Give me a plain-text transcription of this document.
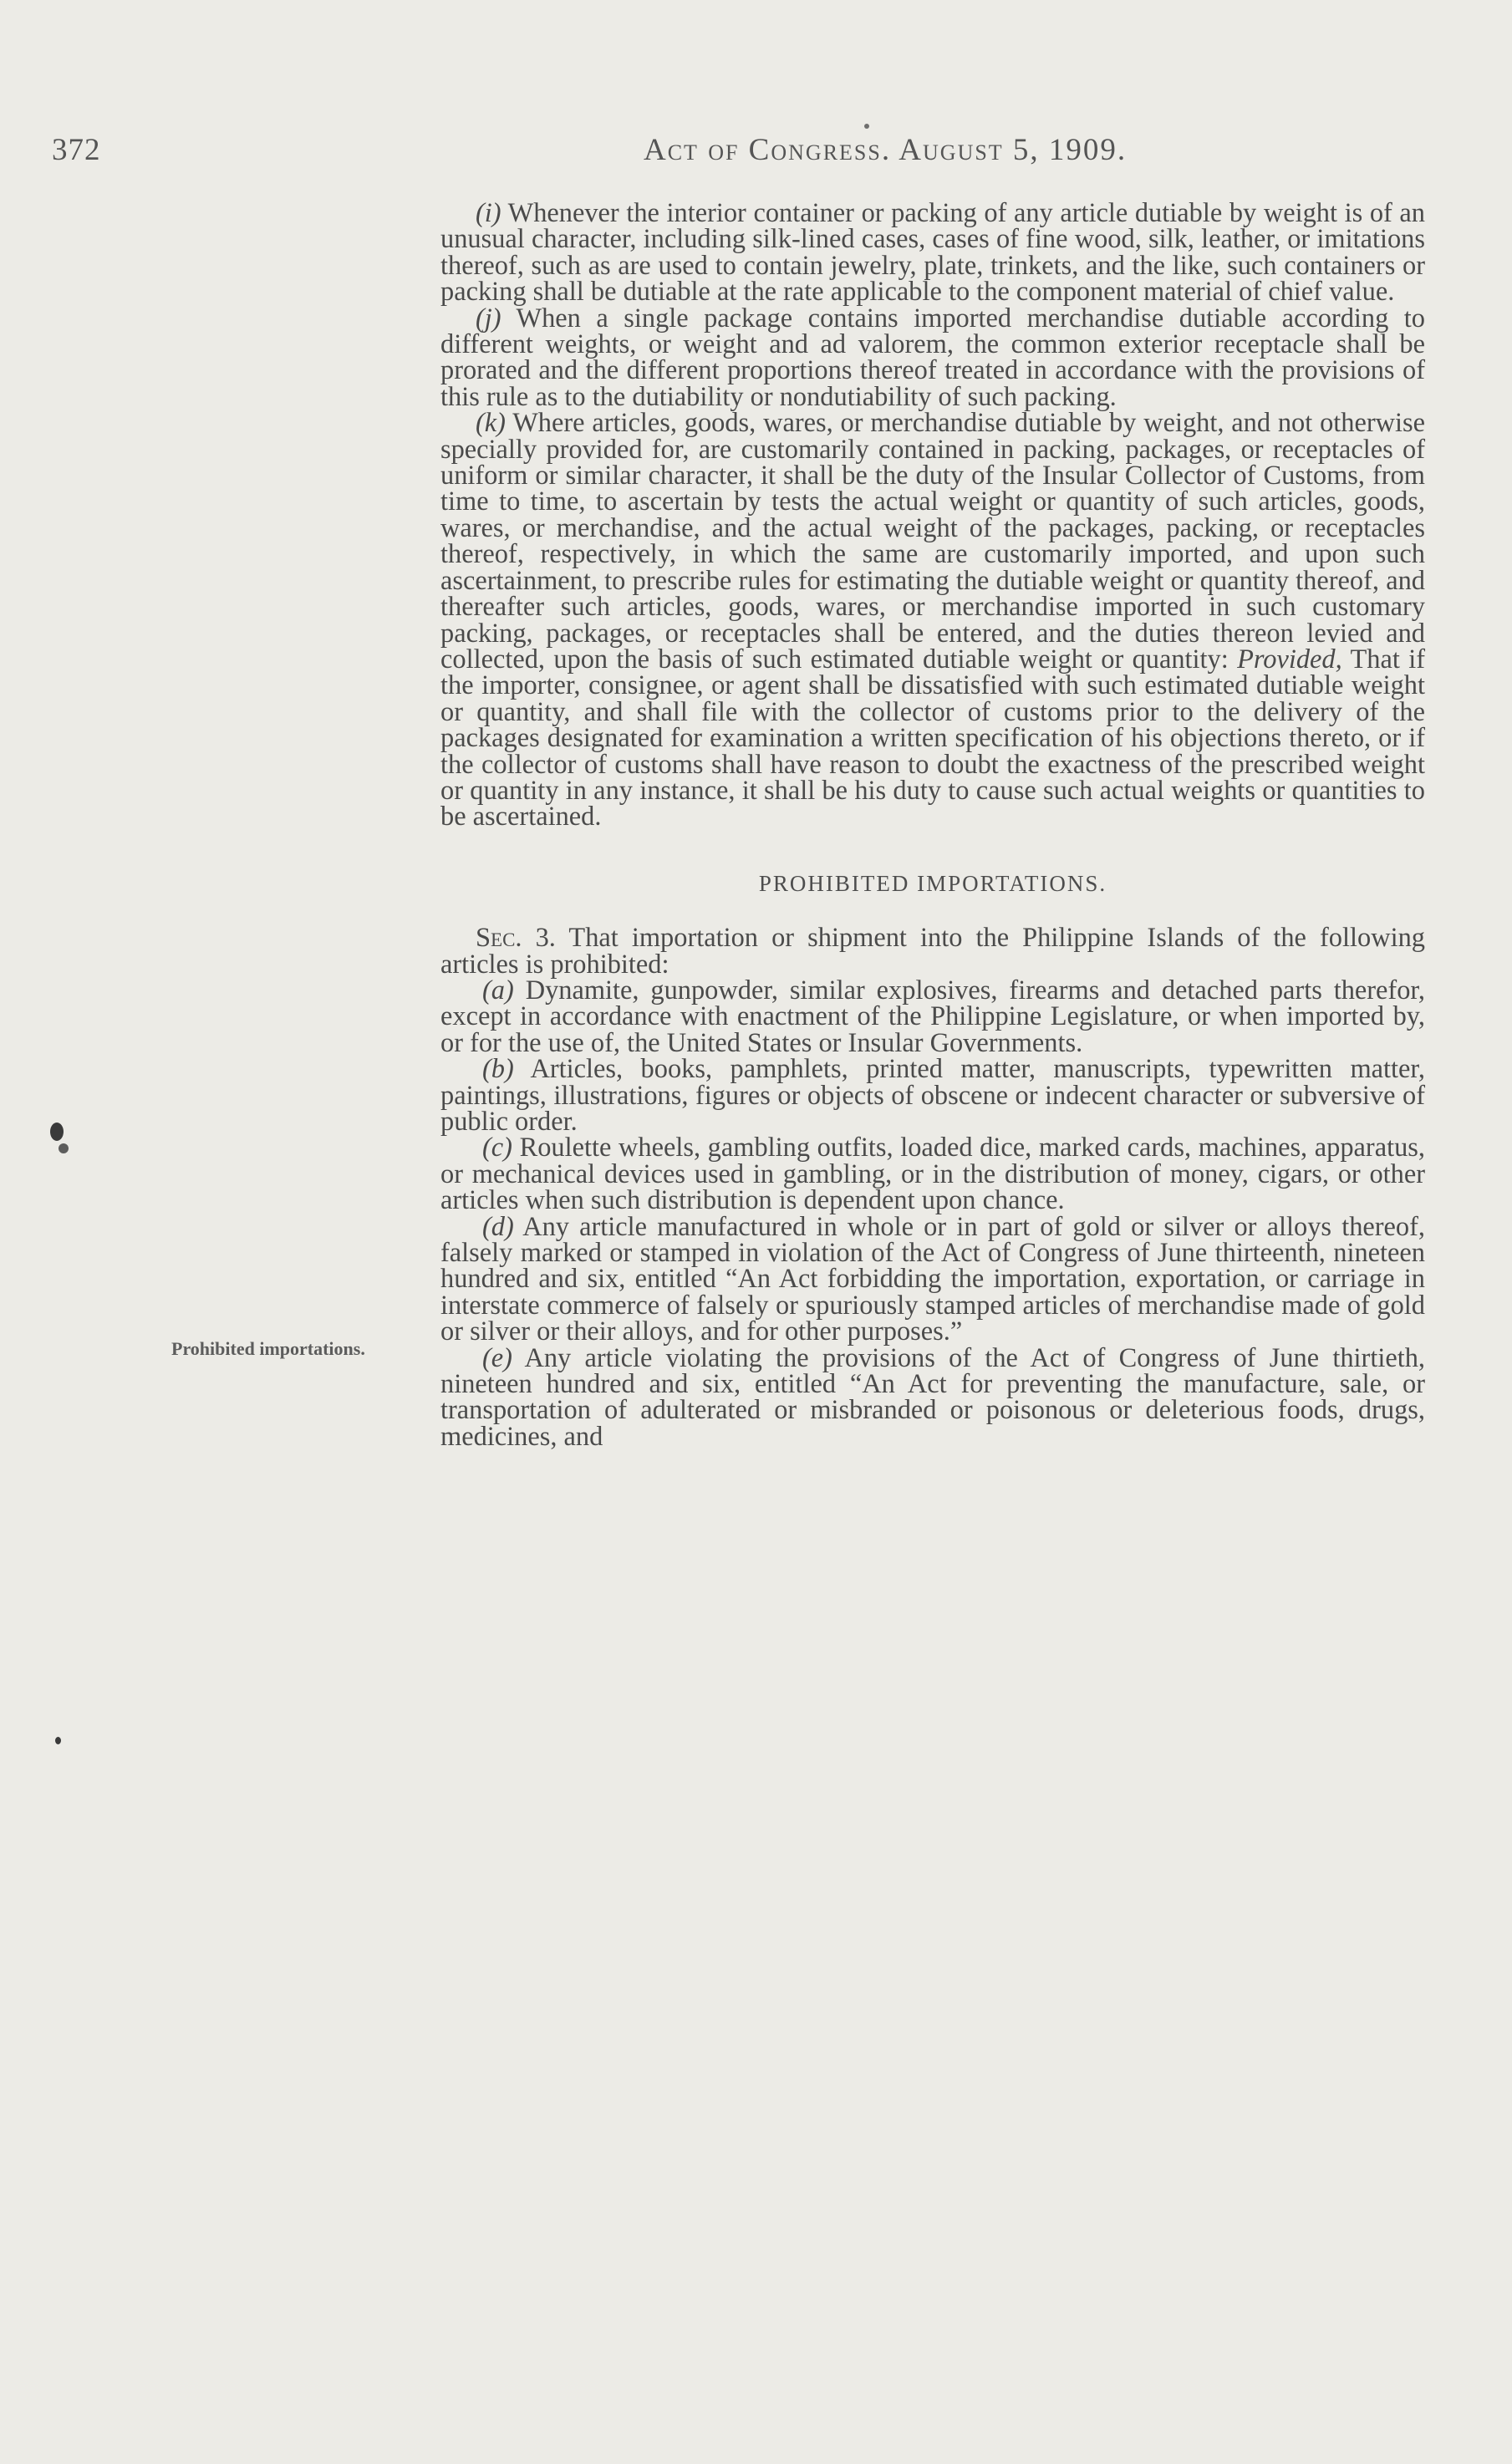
372	Act of Congress. August 5, 1909.
Prohibited importations.

(i) Whenever the interior container or packing of any article dutiable by weight is of an unusual character, including silk-lined cases, cases of fine wood, silk, leather, or imitations thereof, such as are used to contain jewelry, plate, trinkets, and the like, such containers or packing shall be dutiable at the rate applicable to the component material of chief value.

(j) When a single package contains imported merchandise dutiable according to different weights, or weight and ad valorem, the common exterior receptacle shall be prorated and the different proportions thereof treated in accordance with the provisions of this rule as to the dutiability or nondutiability of such packing.

(k) Where articles, goods, wares, or merchandise dutiable by weight, and not otherwise specially provided for, are customarily contained in packing, packages, or receptacles of uniform or similar character, it shall be the duty of the Insular Collector of Customs, from time to time, to ascertain by tests the actual weight or quantity of such articles, goods, wares, or merchandise, and the actual weight of the packages, packing, or receptacles thereof, respectively, in which the same are customarily imported, and upon such ascertainment, to prescribe rules for estimating the dutiable weight or quantity thereof, and thereafter such articles, goods, wares, or merchandise imported in such customary packing, packages, or receptacles shall be entered, and the duties thereon levied and collected, upon the basis of such estimated dutiable weight or quantity: Provided, That if the importer, consignee, or agent shall be dissatisfied with such estimated dutiable weight or quantity, and shall file with the collector of customs prior to the delivery of the packages designated for examination a written specification of his objections thereto, or if the collector of customs shall have reason to doubt the exactness of the prescribed weight or quantity in any instance, it shall be his duty to cause such actual weights or quantities to be ascertained.

PROHIBITED IMPORTATIONS.

Sec. 3. That importation or shipment into the Philippine Islands of the following articles is prohibited:

(a) Dynamite, gunpowder, similar explosives, firearms and detached parts therefor, except in accordance with enactment of the Philippine Legislature, or when imported by, or for the use of, the United States or Insular Governments.

(b) Articles, books, pamphlets, printed matter, manuscripts, typewritten matter, paintings, illustrations, figures or objects of obscene or indecent character or subversive of public order.

(c) Roulette wheels, gambling outfits, loaded dice, marked cards, machines, apparatus, or mechanical devices used in gambling, or in the distribution of money, cigars, or other articles when such distribution is dependent upon chance.

(d) Any article manufactured in whole or in part of gold or silver or alloys thereof, falsely marked or stamped in violation of the Act of Congress of June thirteenth, nineteen hundred and six, entitled “An Act forbidding the importation, exportation, or carriage in interstate commerce of falsely or spuriously stamped articles of merchandise made of gold or silver or their alloys, and for other purposes.”

(e) Any article violating the provisions of the Act of Congress of June thirtieth, nineteen hundred and six, entitled “An Act for preventing the manufacture, sale, or transportation of adulterated or misbranded or poisonous or deleterious foods, drugs, medicines, and
